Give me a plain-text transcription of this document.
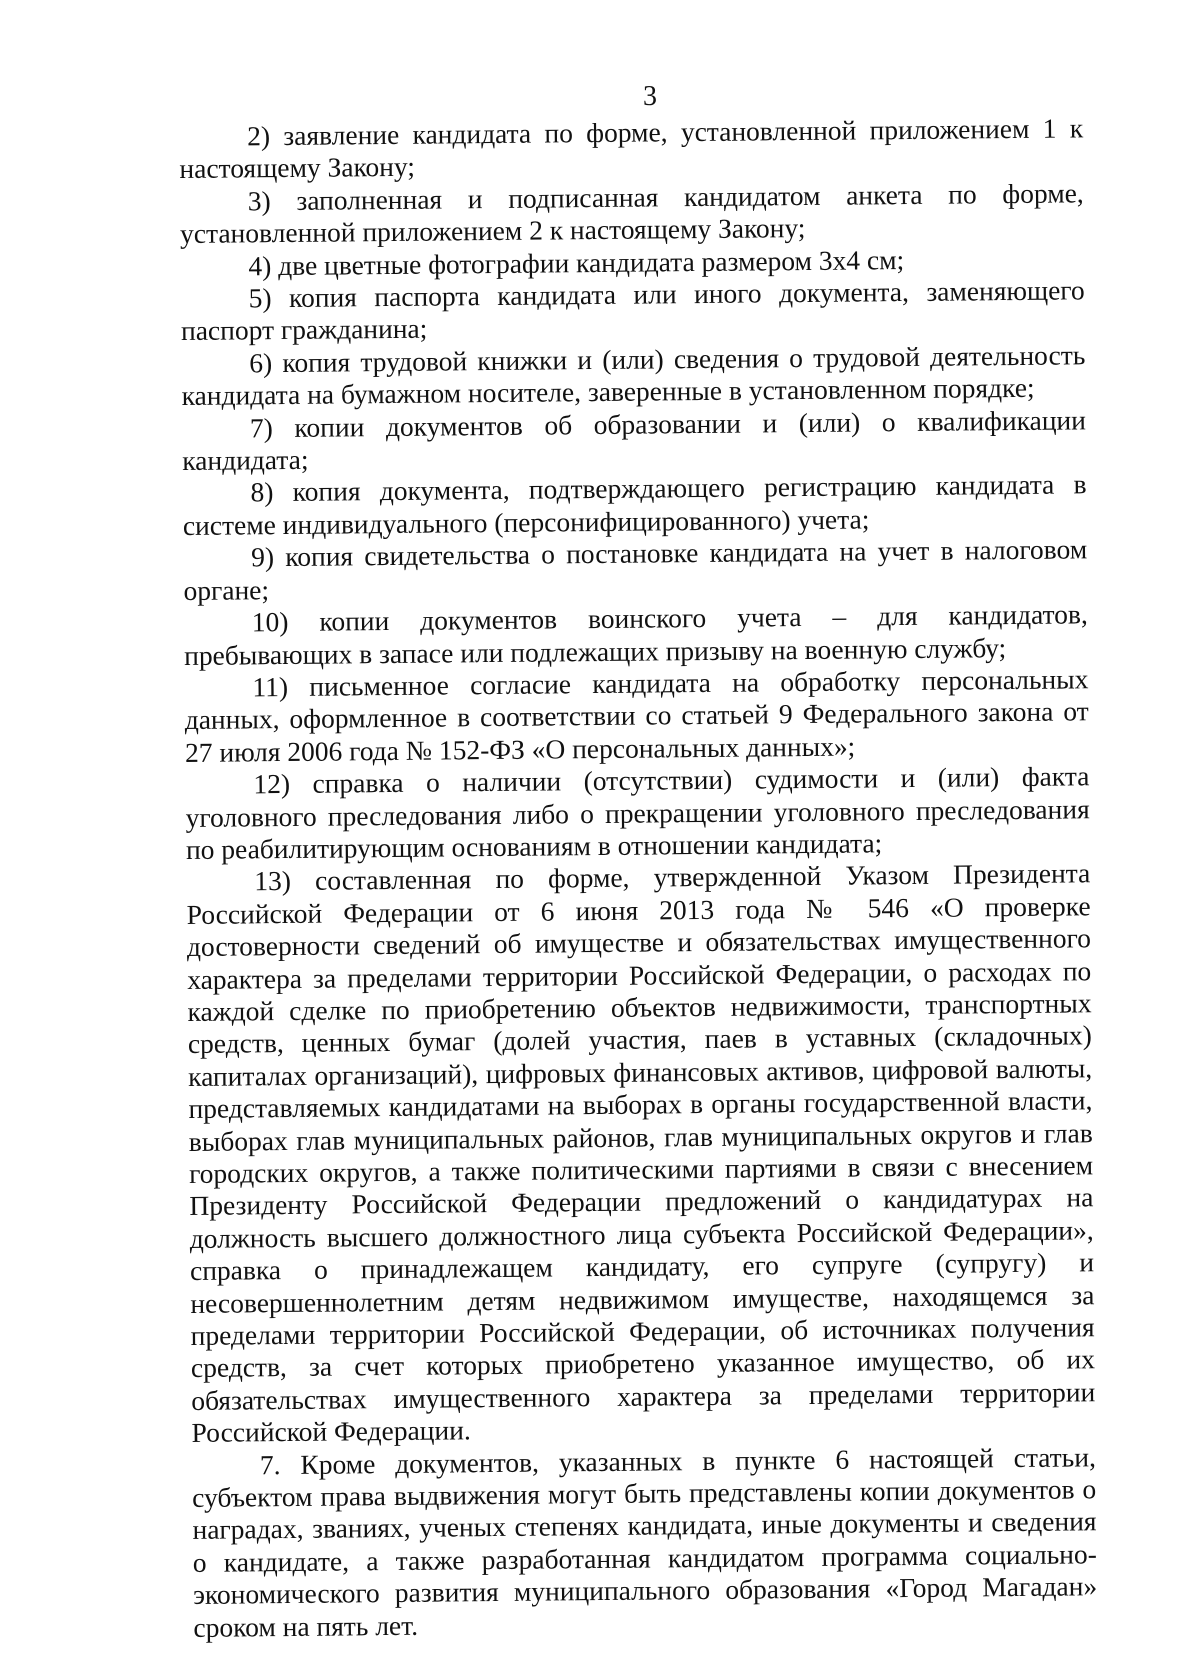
3

2) заявление кандидата по форме, установленной приложением 1 к настоящему Закону;

3) заполненная и подписанная кандидатом анкета по форме, установленной приложением 2 к настоящему Закону;

4) две цветные фотографии кандидата размером 3х4 см;

5) копия паспорта кандидата или иного документа, заменяющего паспорт гражданина;

6) копия трудовой книжки и (или) сведения о трудовой деятельность кандидата на бумажном носителе, заверенные в установленном порядке;

7) копии документов об образовании и (или) о квалификации кандидата;

8) копия документа, подтверждающего регистрацию кандидата в системе индивидуального (персонифицированного) учета;

9) копия свидетельства о постановке кандидата на учет в налоговом органе;

10) копии документов воинского учета – для кандидатов, пребывающих в запасе или подлежащих призыву на военную службу;

11) письменное согласие кандидата на обработку персональных данных, оформленное в соответствии со статьей 9 Федерального закона от 27 июля 2006 года № 152-ФЗ «О персональных данных»;

12) справка о наличии (отсутствии) судимости и (или) факта уголовного преследования либо о прекращении уголовного преследования по реабилитирующим основаниям в отношении кандидата;

13) составленная по форме, утвержденной Указом Президента Российской Федерации от 6 июня 2013 года № 546 «О проверке достоверности сведений об имуществе и обязательствах имущественного характера за пределами территории Российской Федерации, о расходах по каждой сделке по приобретению объектов недвижимости, транспортных средств, ценных бумаг (долей участия, паев в уставных (складочных) капиталах организаций), цифровых финансовых активов, цифровой валюты, представляемых кандидатами на выборах в органы государственной власти, выборах глав муниципальных районов, глав муниципальных округов и глав городских округов, а также политическими партиями в связи с внесением Президенту Российской Федерации предложений о кандидатурах на должность высшего должностного лица субъекта Российской Федерации», справка о принадлежащем кандидату, его супруге (супругу) и несовершеннолетним детям недвижимом имуществе, находящемся за пределами территории Российской Федерации, об источниках получения средств, за счет которых приобретено указанное имущество, об их обязательствах имущественного характера за пределами территории Российской Федерации.

7. Кроме документов, указанных в пункте 6 настоящей статьи, субъектом права выдвижения могут быть представлены копии документов о наградах, званиях, ученых степенях кандидата, иные документы и сведения о кандидате, а также разработанная кандидатом программа социально-экономического развития муниципального образования «Город Магадан» сроком на пять лет.
